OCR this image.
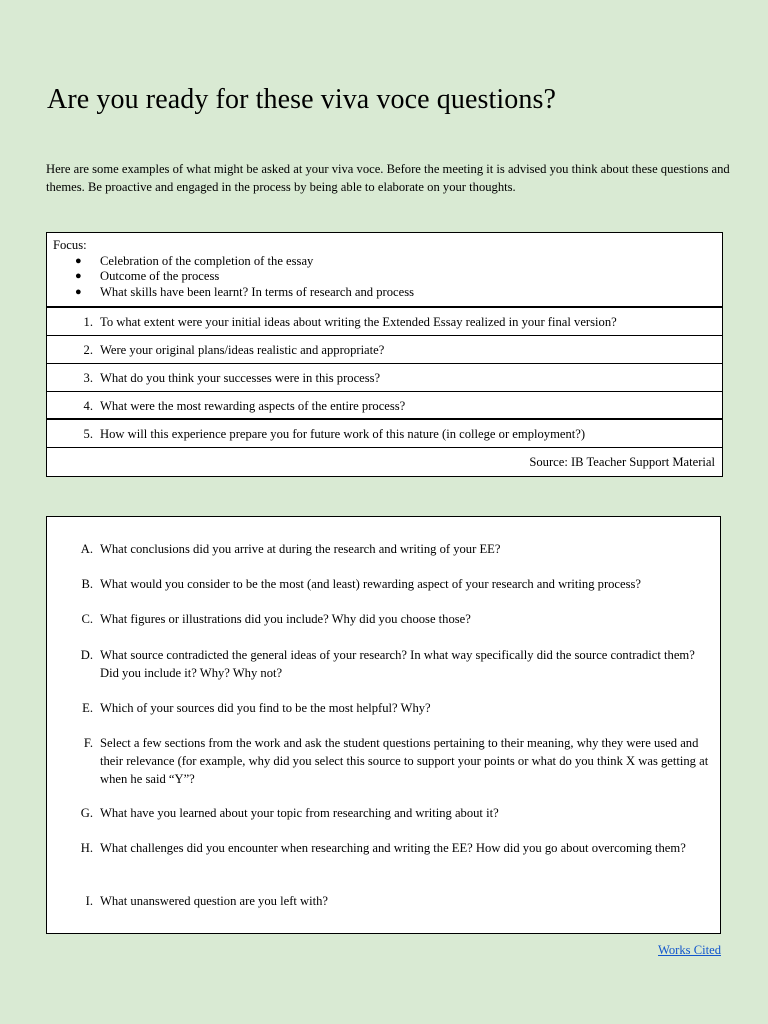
Are you ready for these viva voce questions?

Here are some examples of what might be asked at your viva voce. Before the meeting it is advised you think about these questions and themes. Be proactive and engaged in the process by being able to elaborate on your thoughts.

Focus:
● Celebration of the completion of the essay
● Outcome of the process
● What skills have been learnt? In terms of research and process
1. To what extent were your initial ideas about writing the Extended Essay realized in your final version?
2. Were your original plans/ideas realistic and appropriate?
3. What do you think your successes were in this process?
4. What were the most rewarding aspects of the entire process?
5. How will this experience prepare you for future work of this nature (in college or employment?)
Source: IB Teacher Support Material
A. What conclusions did you arrive at during the research and writing of your EE?
B. What would you consider to be the most (and least) rewarding aspect of your research and writing process?
C. What figures or illustrations did you include? Why did you choose those?
D. What source contradicted the general ideas of your research? In what way specifically did the source contradict them? Did you include it? Why? Why not?
E. Which of your sources did you find to be the most helpful? Why?
F. Select a few sections from the work and ask the student questions pertaining to their meaning, why they were used and their relevance (for example, why did you select this source to support your points or what do you think X was getting at when he said “Y”?
G. What have you learned about your topic from researching and writing about it?
H. What challenges did you encounter when researching and writing the EE? How did you go about overcoming them?
I. What unanswered question are you left with?
Works Cited
